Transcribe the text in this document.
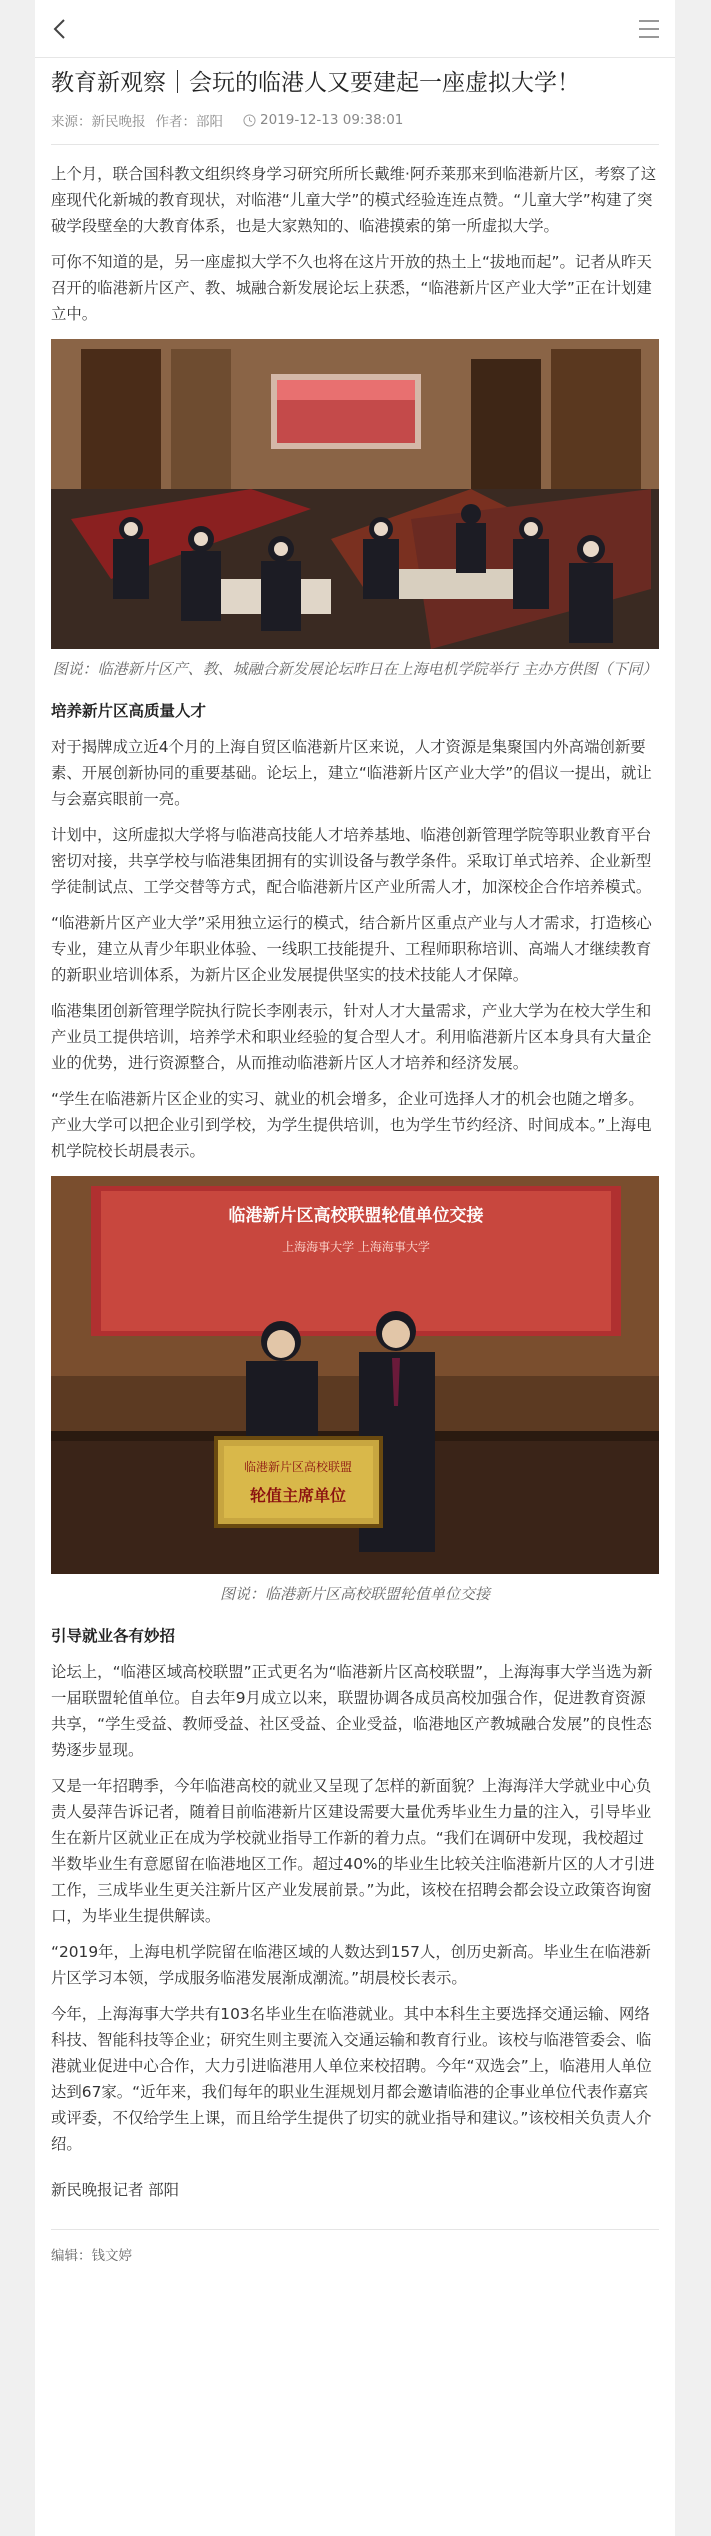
教育新观察｜会玩的临港人又要建起一座虚拟大学！
来源：新民晚报 作者：部阳	2019-12-13 09:38:01

上个月，联合国科教文组织终身学习研究所所长戴维·阿乔莱那来到临港新片区，考察了这座现代化新城的教育现状，对临港“儿童大学”的模式经验连连点赞。“儿童大学”构建了突破学段壁垒的大教育体系，也是大家熟知的、临港摸索的第一所虚拟大学。

可你不知道的是，另一座虚拟大学不久也将在这片开放的热土上“拔地而起”。记者从昨天召开的临港新片区产、教、城融合新发展论坛上获悉，“临港新片区产业大学”正在计划建立中。

图说：临港新片区产、教、城融合新发展论坛昨日在上海电机学院举行 主办方供图（下同）
培养新片区高质量人才

对于揭牌成立近4个月的上海自贸区临港新片区来说，人才资源是集聚国内外高端创新要素、开展创新协同的重要基础。论坛上，建立“临港新片区产业大学”的倡议一提出，就让与会嘉宾眼前一亮。

计划中，这所虚拟大学将与临港高技能人才培养基地、临港创新管理学院等职业教育平台密切对接，共享学校与临港集团拥有的实训设备与教学条件。采取订单式培养、企业新型学徒制试点、工学交替等方式，配合临港新片区产业所需人才，加深校企合作培养模式。

“临港新片区产业大学”采用独立运行的模式，结合新片区重点产业与人才需求，打造核心专业，建立从青少年职业体验、一线职工技能提升、工程师职称培训、高端人才继续教育的新职业培训体系，为新片区企业发展提供坚实的技术技能人才保障。

临港集团创新管理学院执行院长李刚表示，针对人才大量需求，产业大学为在校大学生和产业员工提供培训，培养学术和职业经验的复合型人才。利用临港新片区本身具有大量企业的优势，进行资源整合，从而推动临港新片区人才培养和经济发展。

“学生在临港新片区企业的实习、就业的机会增多，企业可选择人才的机会也随之增多。产业大学可以把企业引到学校，为学生提供培训，也为学生节约经济、时间成本。”上海电机学院校长胡晨表示。

临港新片区高校联盟轮值单位交接
上海海事大学 上海海事大学
临港新片区高校联盟
轮值主席单位
图说：临港新片区高校联盟轮值单位交接
引导就业各有妙招

论坛上，“临港区域高校联盟”正式更名为“临港新片区高校联盟”，上海海事大学当选为新一届联盟轮值单位。自去年9月成立以来，联盟协调各成员高校加强合作，促进教育资源共享，“学生受益、教师受益、社区受益、企业受益，临港地区产教城融合发展”的良性态势逐步显现。

又是一年招聘季，今年临港高校的就业又呈现了怎样的新面貌？上海海洋大学就业中心负责人晏萍告诉记者，随着目前临港新片区建设需要大量优秀毕业生力量的注入，引导毕业生在新片区就业正在成为学校就业指导工作新的着力点。“我们在调研中发现，我校超过半数毕业生有意愿留在临港地区工作。超过40%的毕业生比较关注临港新片区的人才引进工作，三成毕业生更关注新片区产业发展前景。”为此，该校在招聘会都会设立政策咨询窗口，为毕业生提供解读。

“2019年，上海电机学院留在临港区域的人数达到157人，创历史新高。毕业生在临港新片区学习本领，学成服务临港发展渐成潮流。”胡晨校长表示。

今年，上海海事大学共有103名毕业生在临港就业。其中本科生主要选择交通运输、网络科技、智能科技等企业；研究生则主要流入交通运输和教育行业。该校与临港管委会、临港就业促进中心合作，大力引进临港用人单位来校招聘。今年“双选会”上，临港用人单位达到67家。“近年来，我们每年的职业生涯规划月都会邀请临港的企事业单位代表作嘉宾或评委，不仅给学生上课，而且给学生提供了切实的就业指导和建议。”该校相关负责人介绍。

新民晚报记者 部阳
编辑：钱文婷
